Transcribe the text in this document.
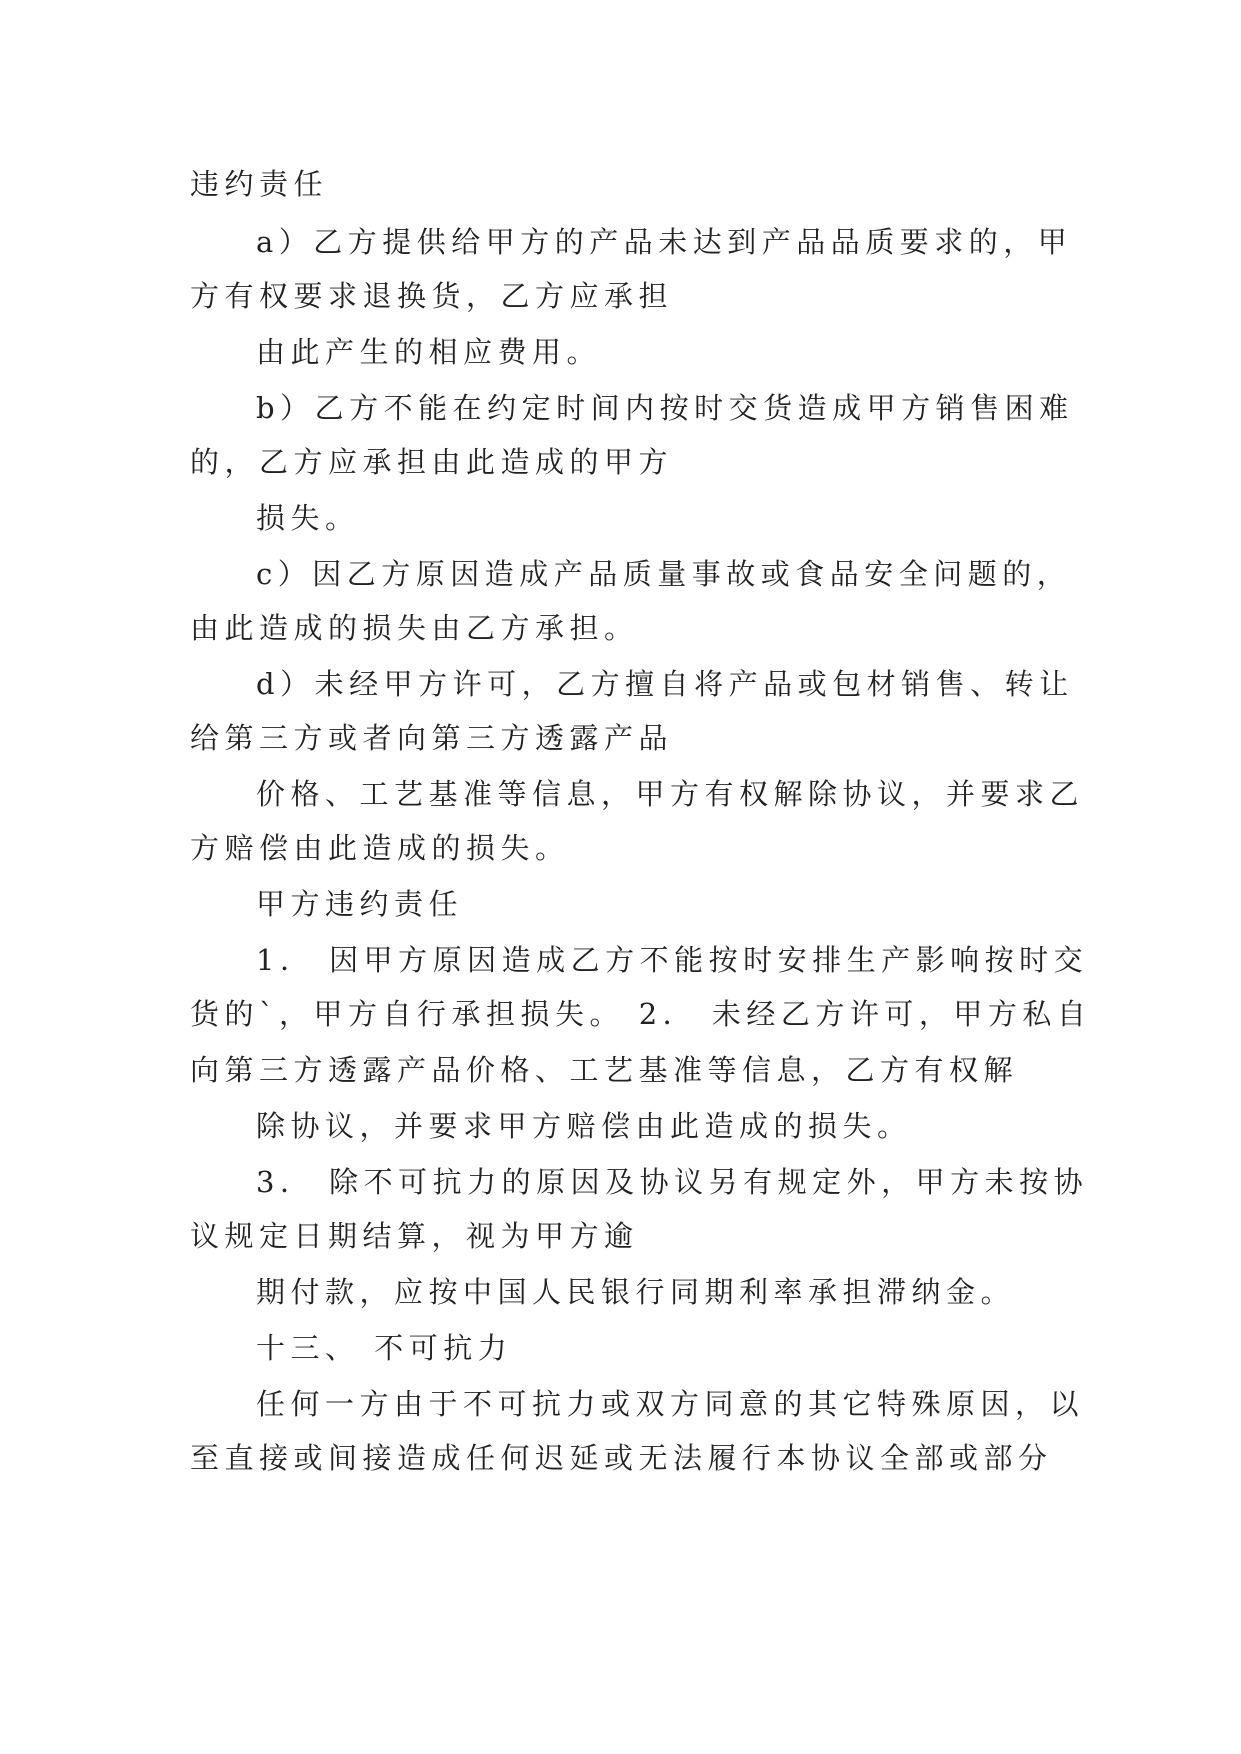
违约责任
a）乙方提供给甲方的产品未达到产品品质要求的，甲
方有权要求退换货，乙方应承担
由此产生的相应费用。
b）乙方不能在约定时间内按时交货造成甲方销售困难
的，乙方应承担由此造成的甲方
损失。
c）因乙方原因造成产品质量事故或食品安全问题的，
由此造成的损失由乙方承担。
d）未经甲方许可，乙方擅自将产品或包材销售、转让
给第三方或者向第三方透露产品
价格、工艺基准等信息，甲方有权解除协议，并要求乙
方赔偿由此造成的损失。
甲方违约责任
1． 因甲方原因造成乙方不能按时安排生产影响按时交
货的`，甲方自行承担损失。 2． 未经乙方许可，甲方私自
向第三方透露产品价格、工艺基准等信息，乙方有权解
除协议，并要求甲方赔偿由此造成的损失。
3． 除不可抗力的原因及协议另有规定外，甲方未按协
议规定日期结算，视为甲方逾
期付款，应按中国人民银行同期利率承担滞纳金。
十三、 不可抗力
任何一方由于不可抗力或双方同意的其它特殊原因，以
至直接或间接造成任何迟延或无法履行本协议全部或部分
